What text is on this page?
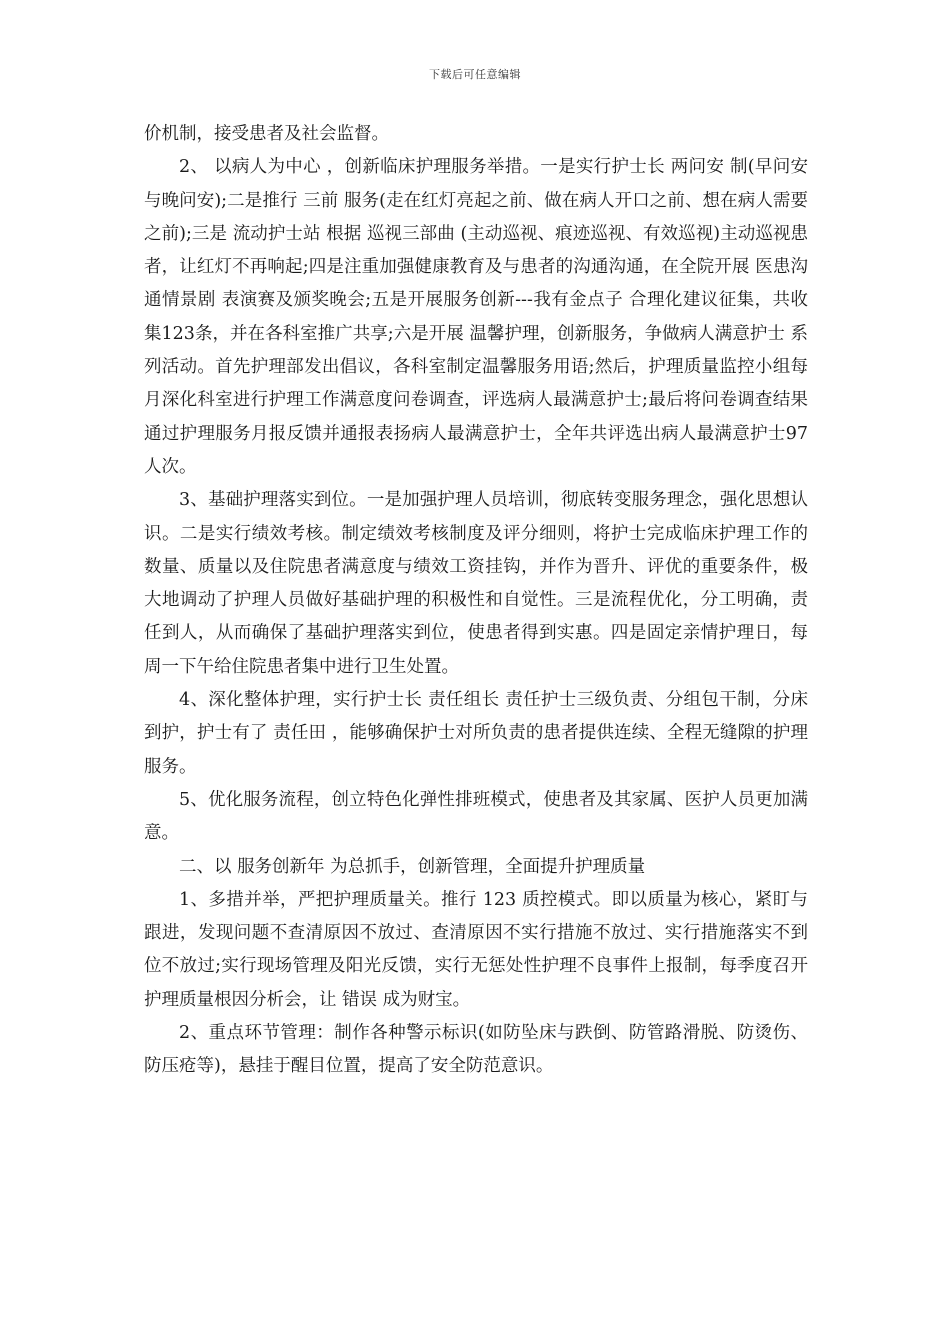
下载后可任意编辑

价机制，接受患者及社会监督。

2、 以病人为中心 ，创新临床护理服务举措。一是实行护士长 两问安 制(早问安与晚问安);二是推行 三前 服务(走在红灯亮起之前、做在病人开口之前、想在病人需要之前);三是 流动护士站 根据 巡视三部曲 (主动巡视、痕迹巡视、有效巡视)主动巡视患者，让红灯不再响起;四是注重加强健康教育及与患者的沟通沟通，在全院开展 医患沟通情景剧 表演赛及颁奖晚会;五是开展服务创新---我有金点子 合理化建议征集，共收集123条，并在各科室推广共享;六是开展 温馨护理，创新服务，争做病人满意护士 系列活动。首先护理部发出倡议，各科室制定温馨服务用语;然后，护理质量监控小组每月深化科室进行护理工作满意度问卷调查，评选病人最满意护士;最后将问卷调查结果通过护理服务月报反馈并通报表扬病人最满意护士，全年共评选出病人最满意护士97人次。

3、基础护理落实到位。一是加强护理人员培训，彻底转变服务理念，强化思想认识。二是实行绩效考核。制定绩效考核制度及评分细则，将护士完成临床护理工作的数量、质量以及住院患者满意度与绩效工资挂钩，并作为晋升、评优的重要条件，极大地调动了护理人员做好基础护理的积极性和自觉性。三是流程优化，分工明确，责任到人，从而确保了基础护理落实到位，使患者得到实惠。四是固定亲情护理日，每周一下午给住院患者集中进行卫生处置。

4、深化整体护理，实行护士长 责任组长 责任护士三级负责、分组包干制，分床到护，护士有了 责任田 ，能够确保护士对所负责的患者提供连续、全程无缝隙的护理服务。

5、优化服务流程，创立特色化弹性排班模式，使患者及其家属、医护人员更加满意。

二、以 服务创新年 为总抓手，创新管理，全面提升护理质量

1、多措并举，严把护理质量关。推行 123 质控模式。即以质量为核心，紧盯与跟进，发现问题不查清原因不放过、查清原因不实行措施不放过、实行措施落实不到位不放过;实行现场管理及阳光反馈，实行无惩处性护理不良事件上报制，每季度召开护理质量根因分析会，让 错误 成为财宝。

2、重点环节管理：制作各种警示标识(如防坠床与跌倒、防管路滑脱、防烫伤、防压疮等)，悬挂于醒目位置，提高了安全防范意识。
